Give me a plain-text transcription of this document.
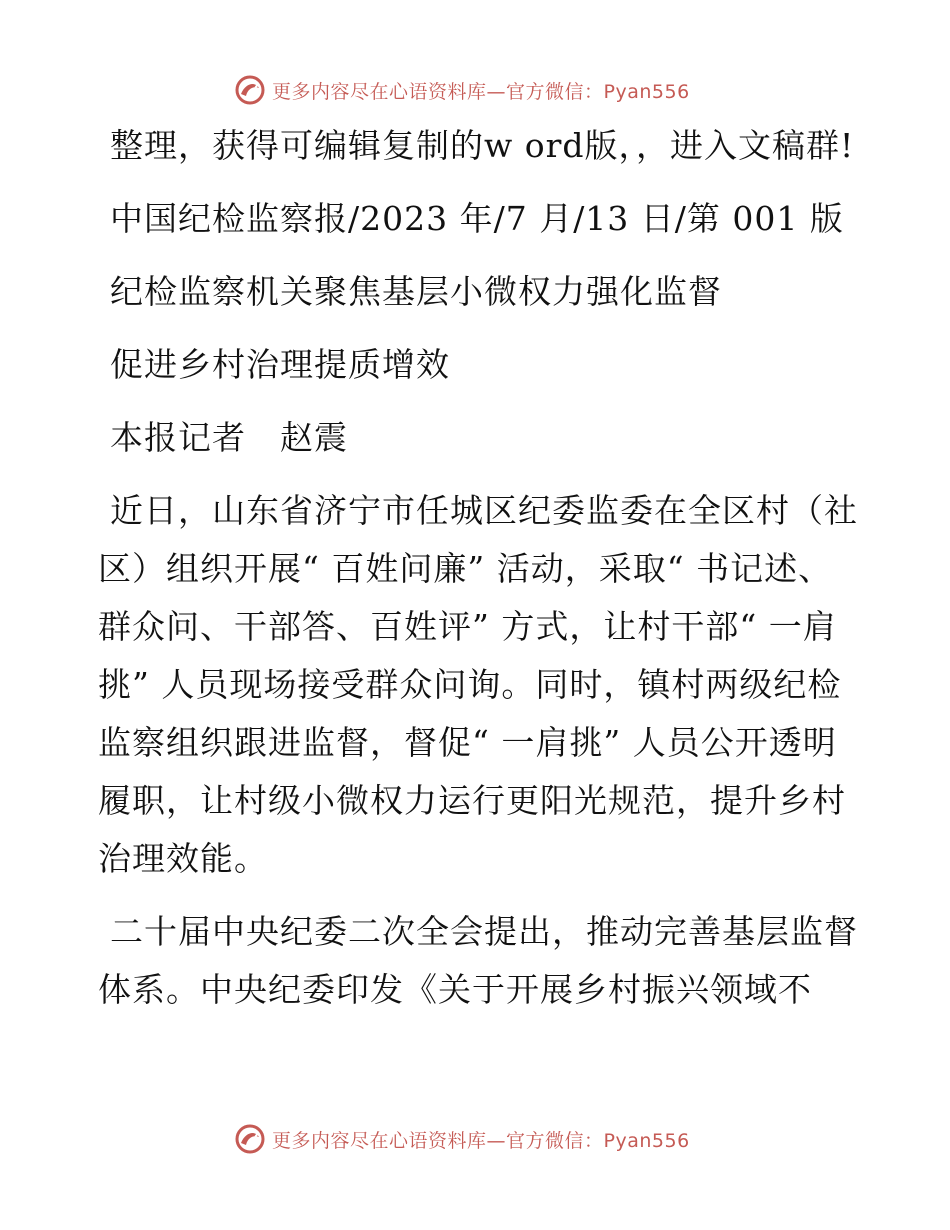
更多内容尽在心语资料库—官方微信：Pyan556

整理，获得可编辑复制的w ord版，，进入文稿群!

中国纪检监察报/2023 年/7 月/13 日/第 001 版

纪检监察机关聚焦基层小微权力强化监督

促进乡村治理提质增效

本报记者　赵震

近日，山东省济宁市任城区纪委监委在全区村（社区）组织开展“ 百姓问廉” 活动，采取“ 书记述、群众问、干部答、百姓评” 方式，让村干部“ 一肩挑” 人员现场接受群众问询。同时，镇村两级纪检监察组织跟进监督，督促“ 一肩挑” 人员公开透明履职，让村级小微权力运行更阳光规范，提升乡村治理效能。

二十届中央纪委二次全会提出，推动完善基层监督体系。中央纪委印发《关于开展乡村振兴领域不

更多内容尽在心语资料库—官方微信：Pyan556
